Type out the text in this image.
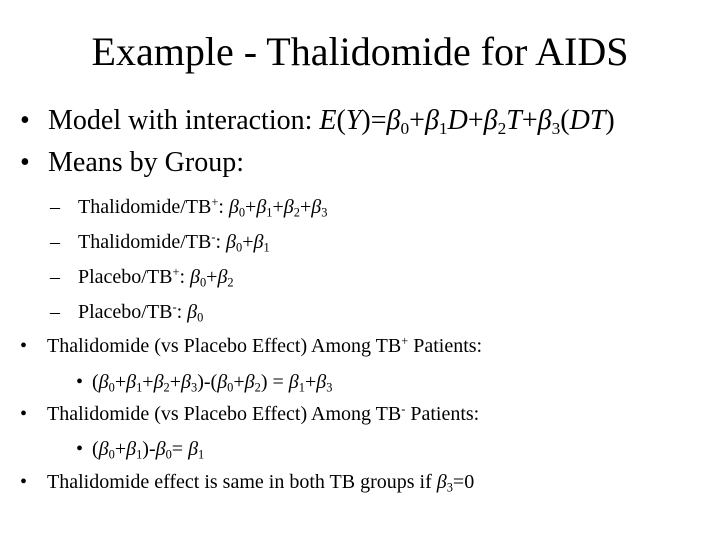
Example - Thalidomide for AIDS
• Model with interaction: $E(Y)=\beta_0+\beta_1D+\beta_2T+\beta_3(DT)$
• Means by Group:
– Thalidomide/TB+: $\beta_0+\beta_1+\beta_2+\beta_3$
– Thalidomide/TB-: $\beta_0+\beta_1$
– Placebo/TB+: $\beta_0+\beta_2$
– Placebo/TB-: $\beta_0$
• Thalidomide (vs Placebo Effect) Among TB+ Patients:
• $(\beta_0+\beta_1+\beta_2+\beta_3)-(\beta_0+\beta_2) = \beta_1+\beta_3$
• Thalidomide (vs Placebo Effect) Among TB- Patients:
• $(\beta_0+\beta_1)-\beta_0= \beta_1$
• Thalidomide effect is same in both TB groups if $\beta_3=0$
